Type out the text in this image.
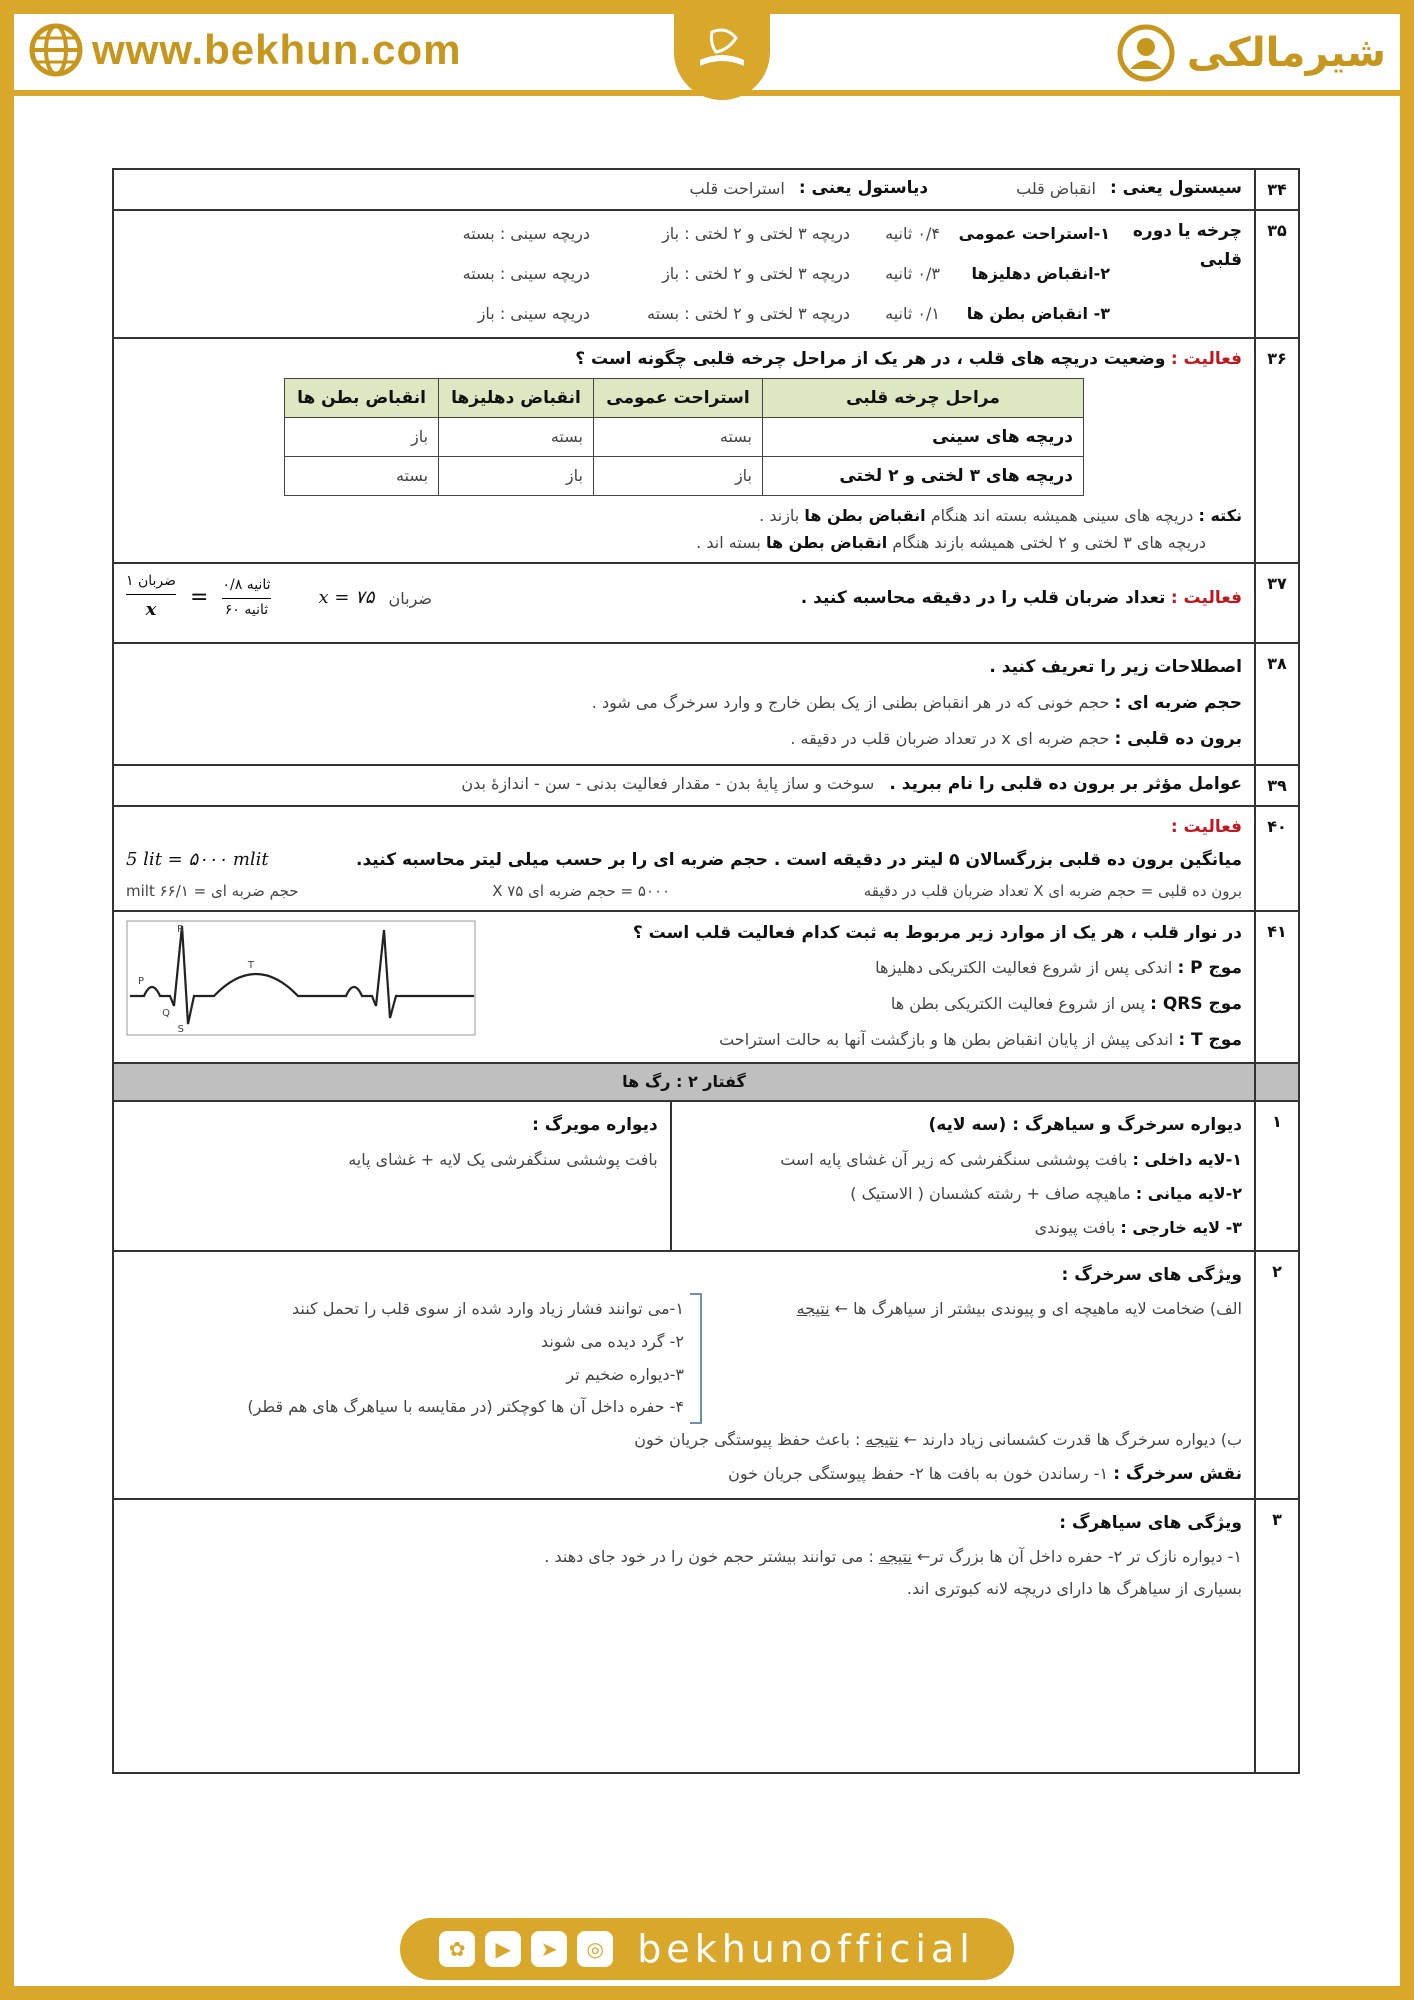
www.bekhun.com	شیرمالکی
۳۴	
سیستول یعنی :
انقباض قلب
دیاستول یعنی :
استراحت قلب

۳۵	
چرخه یا دوره قلبی
۱-استراحت عمومی
۰/۴ ثانیه
دریچه ۳ لختی و ۲ لختی : باز
دریچه سینی : بسته
۲-انقباض دهلیزها
۰/۳ ثانیه
دریچه ۳ لختی و ۲ لختی : باز
دریچه سینی : بسته
۳- انقباض بطن ها
۰/۱ ثانیه
دریچه ۳ لختی و ۲ لختی : بسته
دریچه سینی : باز

۳۶	
فعالیت : وضعیت دریچه های قلب ، در هر یک از مراحل چرخه قلبی چگونه است ؟
مراحل چرخه قلبی	استراحت عمومی	انقباض دهلیزها	انقباض بطن ها
دریچه های سینی	بسته	بسته	باز
دریچه های ۳ لختی و ۲ لختی	باز	باز	بسته
نکته : دریچه های سینی همیشه بسته اند هنگام انقباض بطن ها بازند .
دریچه های ۳ لختی و ۲ لختی همیشه بازند هنگام انقباض بطن ها بسته اند .

۳۷	
فعالیت : تعداد ضربان قلب را در دقیقه محاسبه کنید .
$\frac{\text{۱ ضربان}}{x} = \frac{\text{۰/۸ ثانیه}}{\text{۶۰ ثانیه}}$	x = ۷۵ ضربان

۳۸	
اصطلاحات زیر را تعریف کنید .
حجم ضربه ای : حجم خونی که در هر انقباض بطنی از یک بطن خارج و وارد سرخرگ می شود .
برون ده قلبی : حجم ضربه ای x در تعداد ضربان قلب در دقیقه .

۳۹	عوامل مؤثر بر برون ده قلبی را نام ببرید . سوخت و ساز پایهٔ بدن - مقدار فعالیت بدنی - سن - اندازهٔ بدن
۴۰	
فعالیت :
میانگین برون ده قلبی بزرگسالان ۵ لیتر در دقیقه است . حجم ضربه ای را بر حسب میلی لیتر محاسبه کنید.
5 lit = ۵۰۰۰ mlit
برون ده قلبی = حجم ضربه ای X تعداد ضربان قلب در دقیقه
۵۰۰۰ = حجم ضربه ای X ۷۵
حجم ضربه ای = ۶۶/۱ milt

۴۱	
در نوار قلب ، هر یک از موارد زیر مربوط به ثبت کدام فعالیت قلب است ؟
موج P : اندکی پس از شروع فعالیت الکتریکی دهلیزها
موج QRS : پس از شروع فعالیت الکتریکی بطن ها
موج T : اندکی پیش از پایان انقباض بطن ها و بازگشت آنها به حالت استراحت
P
R
Q
S
T

	گفتار ۲ : رگ ها
۱	
دیواره سرخرگ و سیاهرگ : (سه لایه)
۱-لایه داخلی : بافت پوششی سنگفرشی که زیر آن غشای پایه است
۲-لایه میانی : ماهیچه صاف + رشته کشسان ( الاستیک )
۳- لایه خارجی : بافت پیوندی
دیواره مویرگ :
بافت پوششی سنگفرشی یک لایه + غشای پایه

۲	
ویژگی های سرخرگ :
الف) ضخامت لایه ماهیچه ای و پیوندی بیشتر از سیاهرگ ها ← نتیجه
۱-می توانند فشار زیاد وارد شده از سوی قلب را تحمل کنند
۲- گرد دیده می شوند
۳-دیواره ضخیم تر
۴- حفره داخل آن ها کوچکتر (در مقایسه با سیاهرگ های هم قطر)
ب) دیواره سرخرگ ها قدرت کشسانی زیاد دارند ← نتیجه : باعث حفظ پیوستگی جریان خون
نقش سرخرگ : ۱- رساندن خون به بافت ها ۲- حفظ پیوستگی جریان خون

۳	
ویژگی های سیاهرگ :
۱- دیواره نازک تر ۲- حفره داخل آن ها بزرگ تر← نتیجه : می توانند بیشتر حجم خون را در خود جای دهند .
بسیاری از سیاهرگ ها دارای دریچه لانه کبوتری اند.
✿	▶	➤	◎ bekhunofficial
